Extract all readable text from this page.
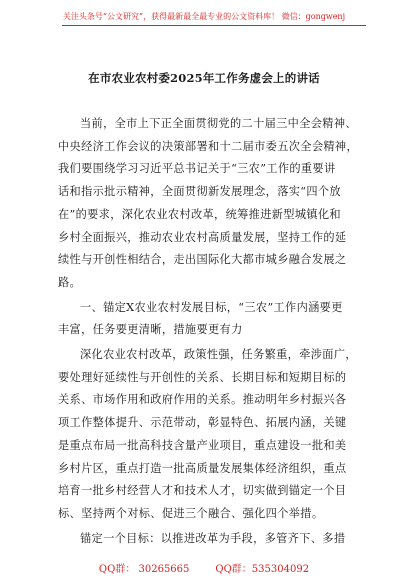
关注头条号“公文研究”，获得最新最全最专业的公文资料库！ 微信：gongwenj
在市农业农村委2025年工作务虚会上的讲话

当前，全市上下正全面贯彻党的二十届三中全会精神、
中央经济工作会议的决策部署和十二届市委五次全会精神，
我们要围绕学习习近平总书记关于“三农”工作的重要讲
话和指示批示精神，全面贯彻新发展理念，落实“四个放
在”的要求，深化农业农村改革，统筹推进新型城镇化和
乡村全面振兴，推动农业农村高质量发展，坚持工作的延
续性与开创性相结合，走出国际化大都市城乡融合发展之
路。

一、锚定X农业农村发展目标，“三农”工作内涵要更
丰富，任务要更清晰，措施要更有力

深化农业农村改革，政策性强，任务繁重，牵涉面广，
要处理好延续性与开创性的关系、长期目标和短期目标的
关系、市场作用和政府作用的关系。推动明年乡村振兴各
项工作整体提升、示范带动，彰显特色、拓展内涵，关键
是重点布局一批高科技含量产业项目，重点建设一批和美
乡村片区，重点打造一批高质量发展集体经济组织，重点
培育一批乡村经营人才和技术人才，切实做到锚定一个目
标、坚持两个对标、促进三个融合、强化四个举措。

锚定一个目标：以推进改革为手段，多管齐下、多措

QQ群： 30265665	QQ群：535304092
